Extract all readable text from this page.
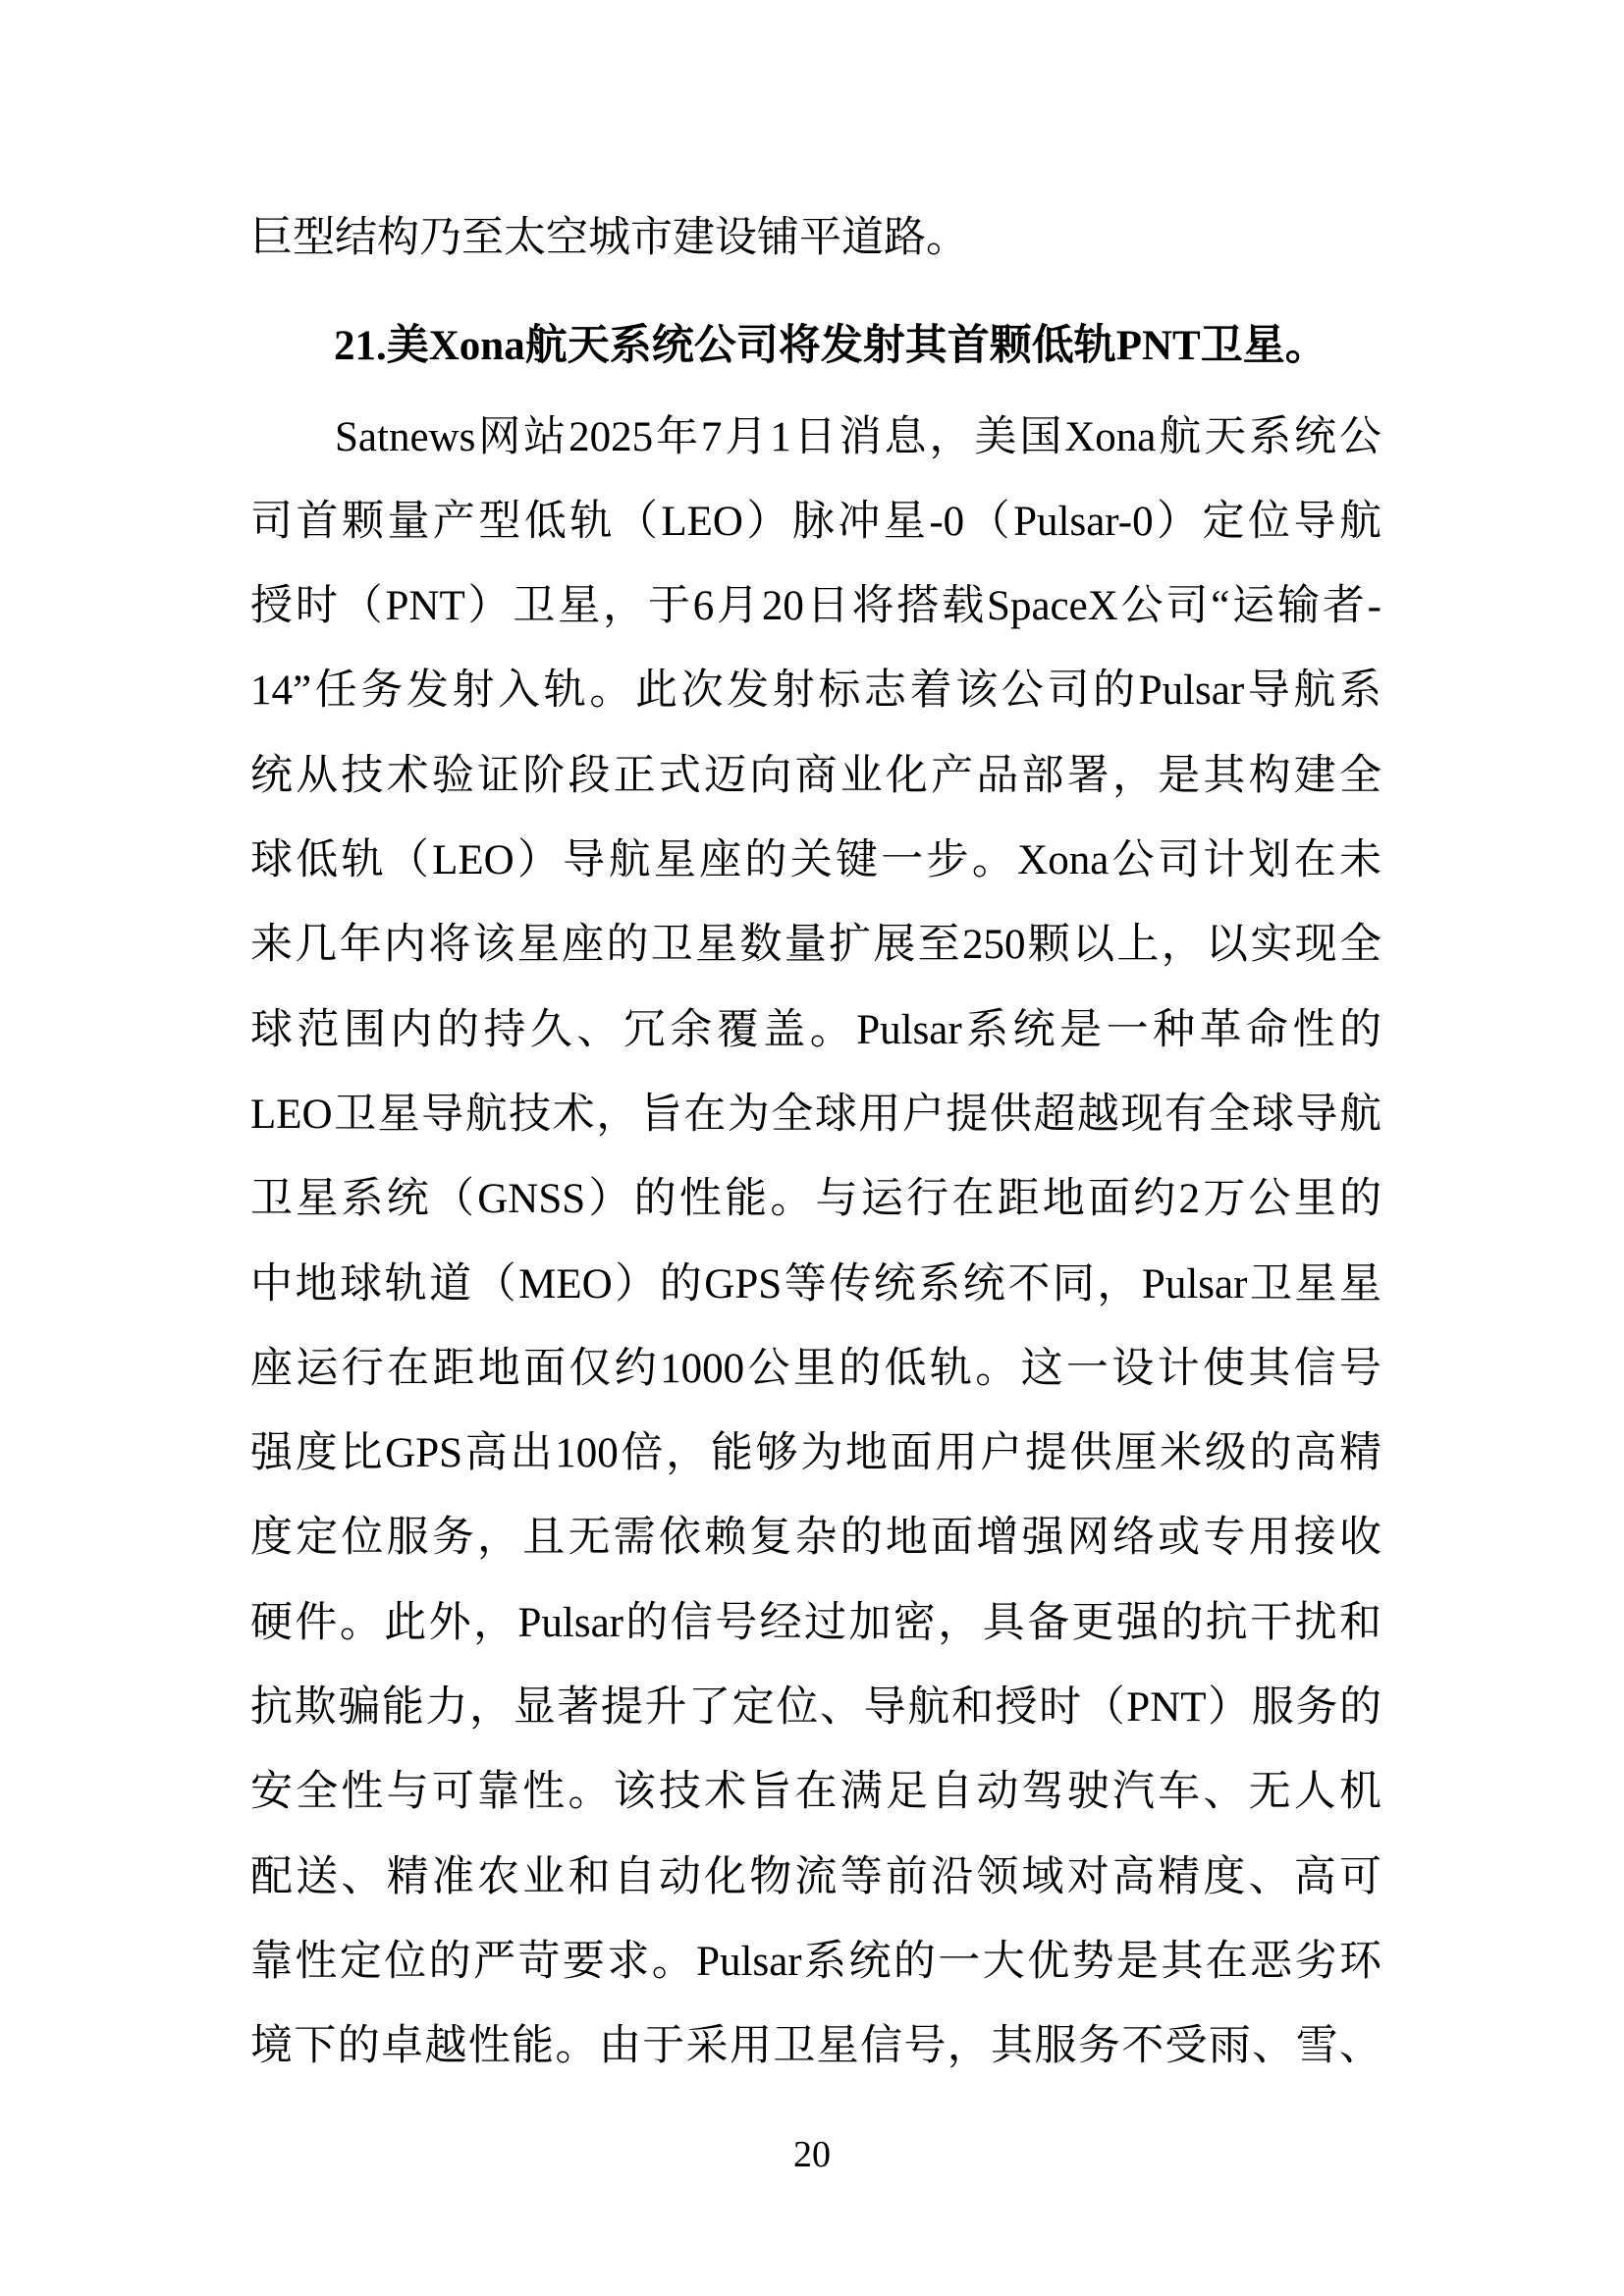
巨型结构乃至太空城市建设铺平道路。
21.美Xona航天系统公司将发射其首颗低轨PNT卫星。
Satnews网站2025年7月1日消息，美国Xona航天系统公
司首颗量产型低轨（LEO）脉冲星-0（Pulsar-0）定位导航
授时（PNT）卫星，于6月20日将搭载SpaceX公司“运输者-
14”任务发射入轨。此次发射标志着该公司的Pulsar导航系
统从技术验证阶段正式迈向商业化产品部署，是其构建全
球低轨（LEO）导航星座的关键一步。Xona公司计划在未
来几年内将该星座的卫星数量扩展至250颗以上，以实现全
球范围内的持久、冗余覆盖。Pulsar系统是一种革命性的
LEO卫星导航技术，旨在为全球用户提供超越现有全球导航
卫星系统（GNSS）的性能。与运行在距地面约2万公里的
中地球轨道（MEO）的GPS等传统系统不同，Pulsar卫星星
座运行在距地面仅约1000公里的低轨。这一设计使其信号
强度比GPS高出100倍，能够为地面用户提供厘米级的高精
度定位服务，且无需依赖复杂的地面增强网络或专用接收
硬件。此外，Pulsar的信号经过加密，具备更强的抗干扰和
抗欺骗能力，显著提升了定位、导航和授时（PNT）服务的
安全性与可靠性。该技术旨在满足自动驾驶汽车、无人机
配送、精准农业和自动化物流等前沿领域对高精度、高可
靠性定位的严苛要求。Pulsar系统的一大优势是其在恶劣环
境下的卓越性能。由于采用卫星信号，其服务不受雨、雪、
20
